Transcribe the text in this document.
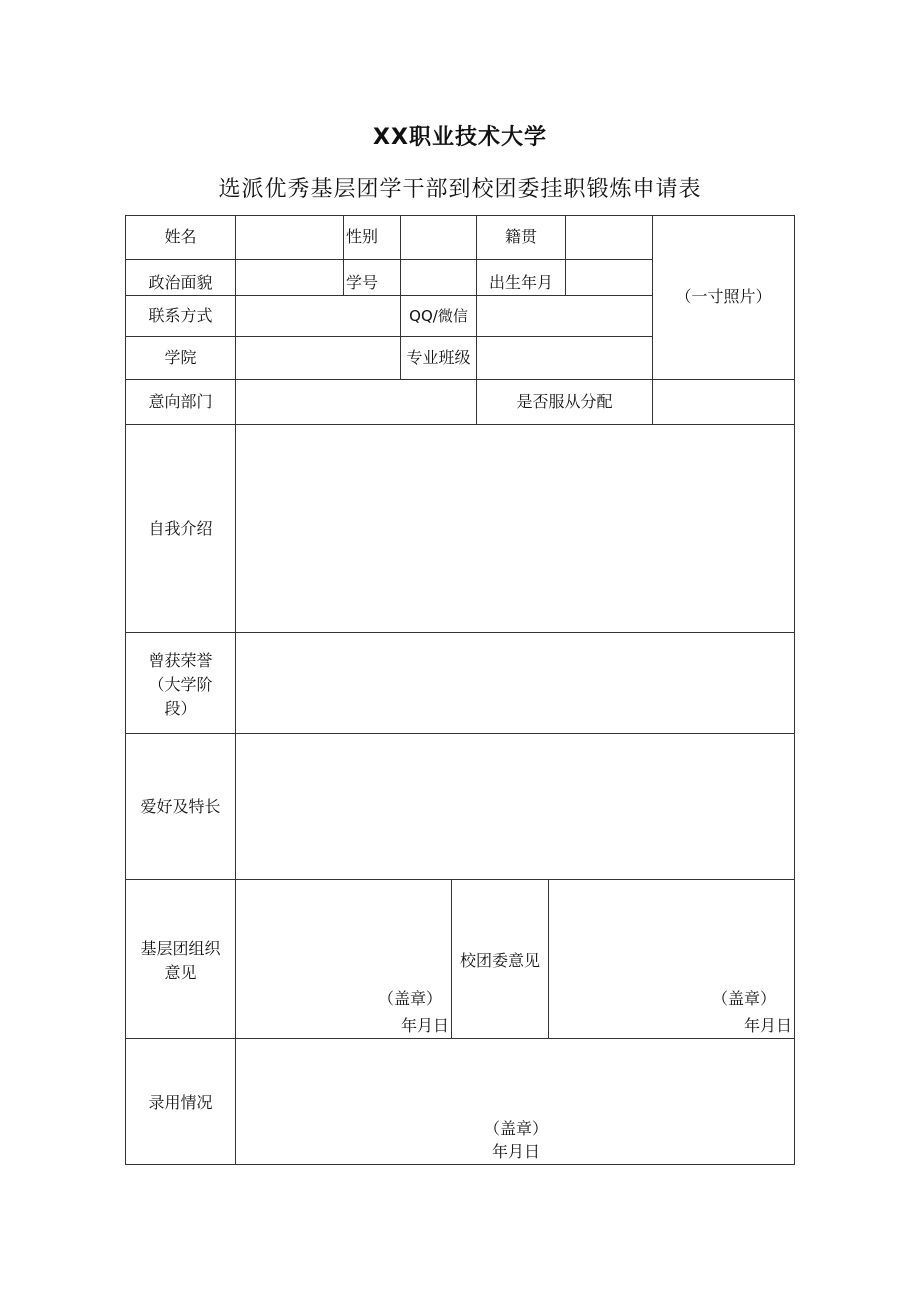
XX职业技术大学
选派优秀基层团学干部到校团委挂职锻炼申请表
姓名	性别	籍贯
政治面貌	学号	出生年月
（一寸照片）
联系方式	QQ/微信
学院	专业班级
意向部门	是否服从分配
自我介绍
曾获荣誉
（大学阶
段）
爱好及特长
基层团组织
意见
（盖章）
年月日
校团委意见
（盖章）
年月日
录用情况
（盖章）
年月日
